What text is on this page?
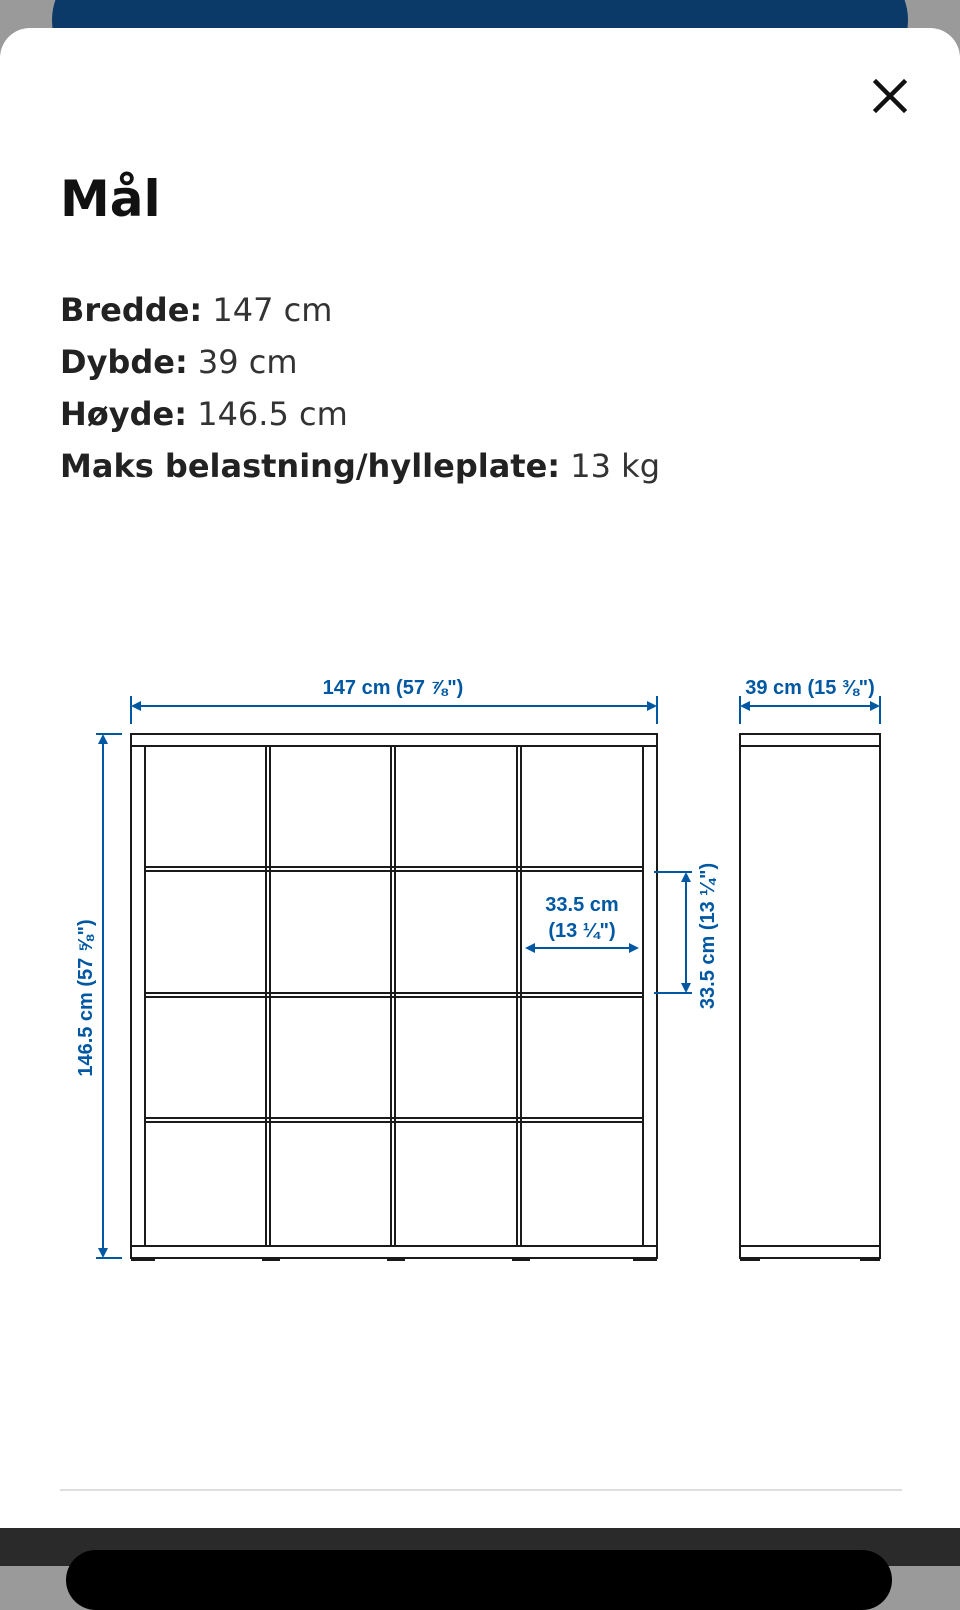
Mål
Bredde: 147 cm
Dybde: 39 cm
Høyde: 146.5 cm
Maks belastning/hylleplate: 13 kg
147 cm (57 ⅞")	39 cm (15 ⅜")
146.5 cm (57 ⅝")
33.5 cm
(13 ¼")	33.5 cm (13 ¼")
